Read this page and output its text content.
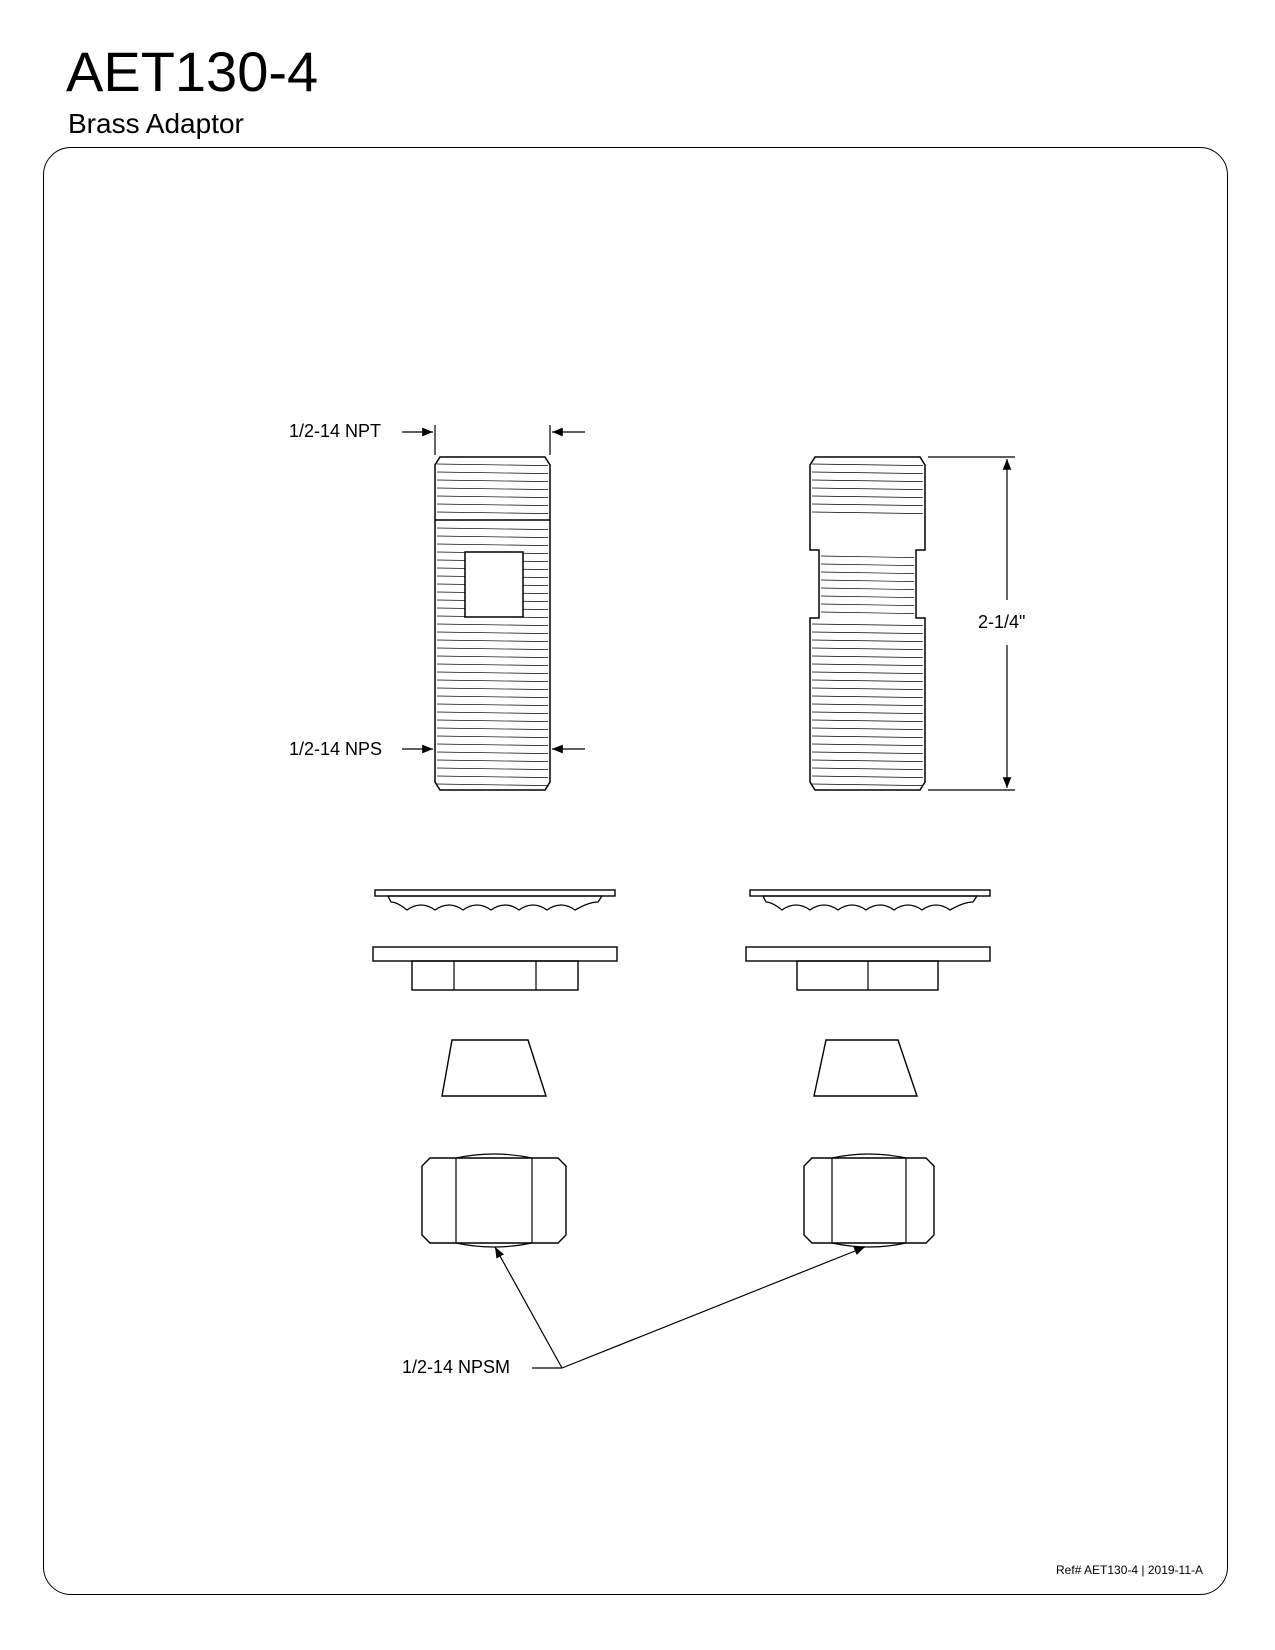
AET130-4
Brass Adaptor
1/2-14 NPT
1/2-14 NPS
2-1/4"
1/2-14 NPSM
Ref# AET130-4 | 2019-11-A
